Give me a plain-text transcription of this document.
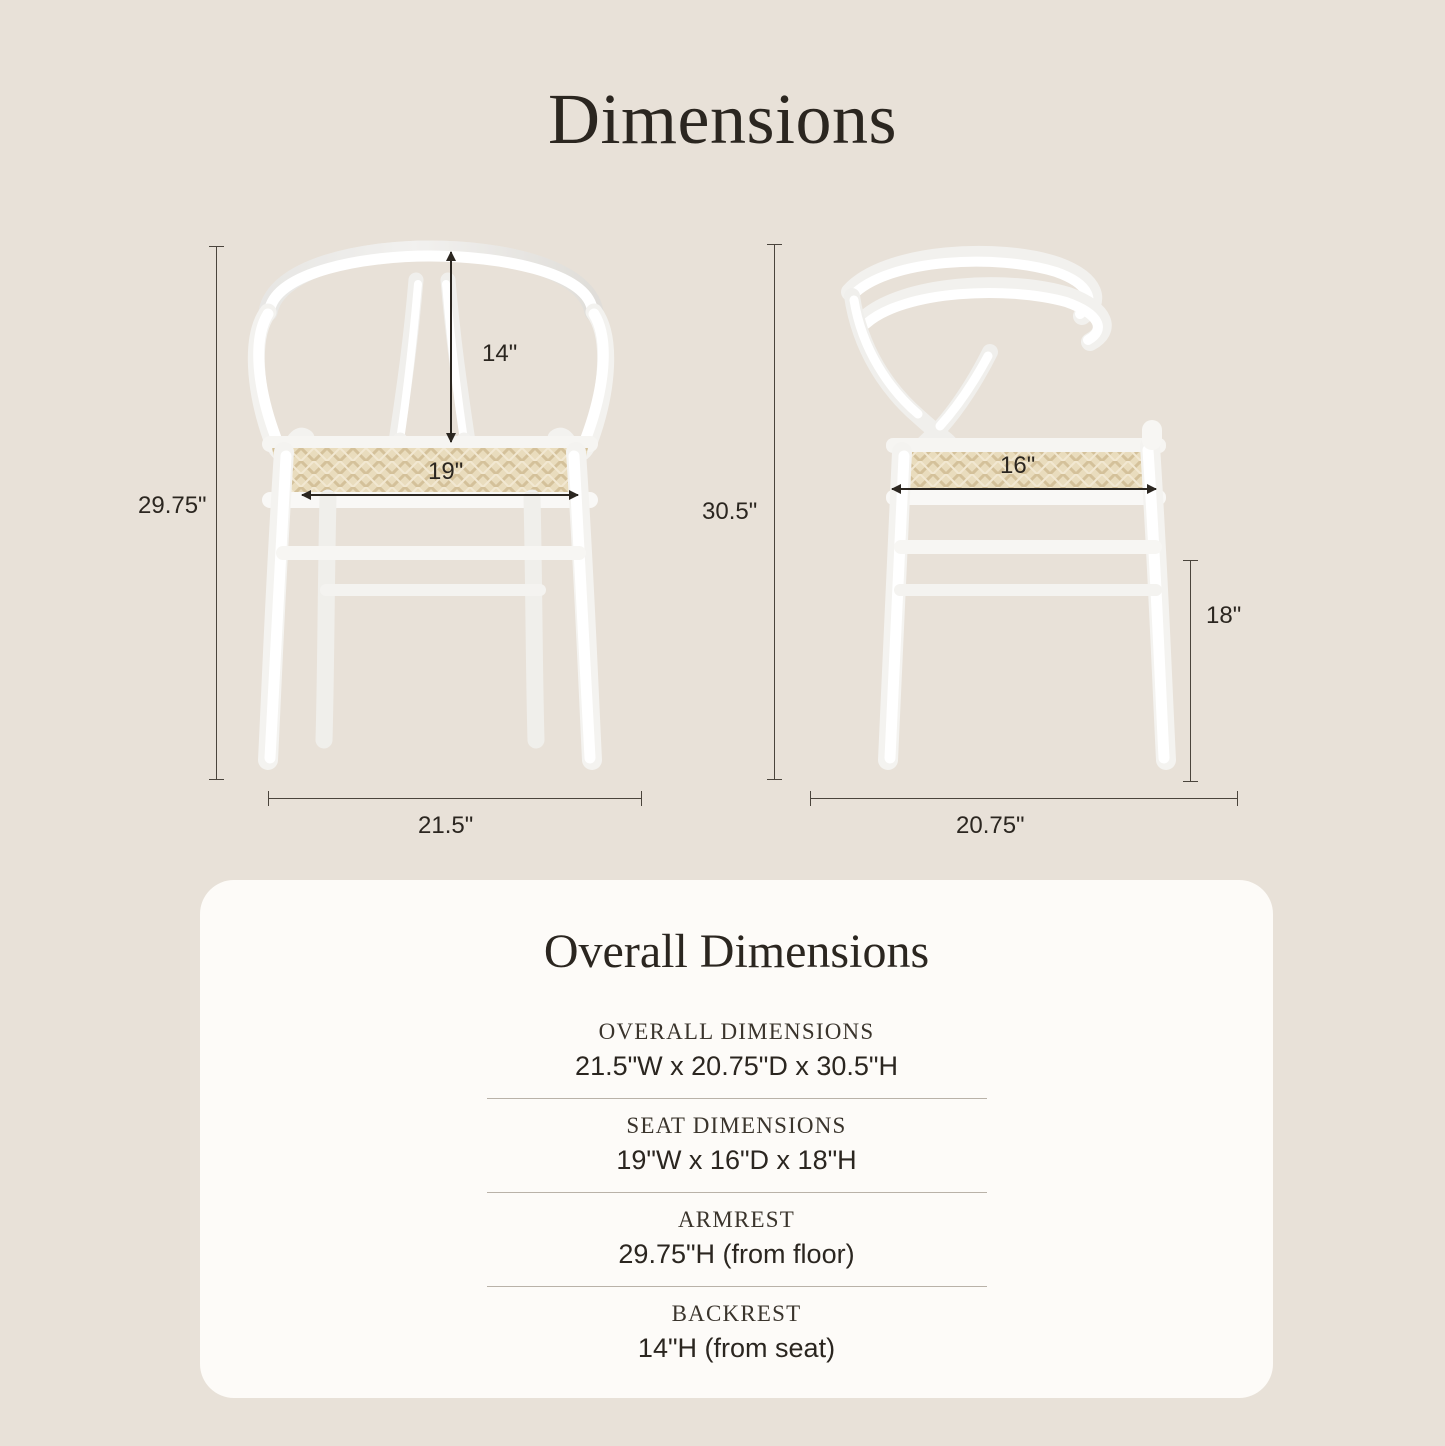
Dimensions
29.75"
21.5"
14"
19"
30.5"
20.75"
18"
16"
Overall Dimensions
OVERALL DIMENSIONS
21.5"W x 20.75"D x 30.5"H
SEAT DIMENSIONS
19"W x 16"D x 18"H
ARMREST
29.75"H (from floor)
BACKREST
14"H (from seat)
